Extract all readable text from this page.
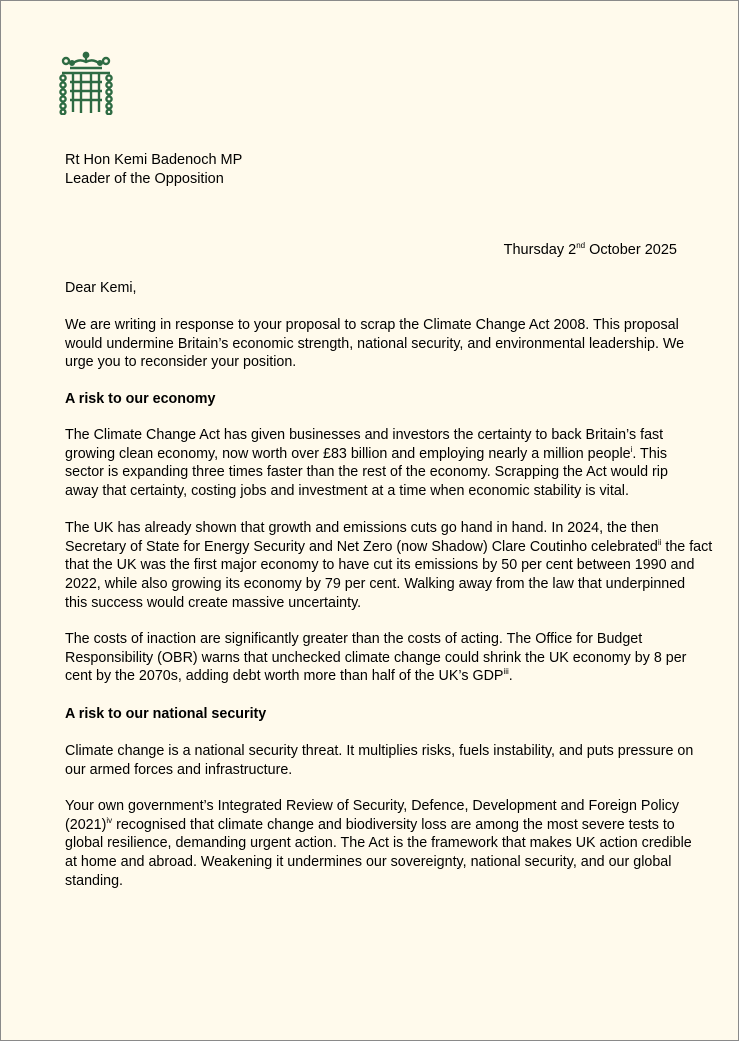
Rt Hon Kemi Badenoch MP
Leader of the Opposition
Thursday 2nd October 2025

Dear Kemi,

We are writing in response to your proposal to scrap the Climate Change Act 2008. This proposal
would undermine Britain’s economic strength, national security, and environmental leadership. We
urge you to reconsider your position.

A risk to our economy

The Climate Change Act has given businesses and investors the certainty to back Britain’s fast
growing clean economy, now worth over £83 billion and employing nearly a million people$^i$. This
sector is expanding three times faster than the rest of the economy. Scrapping the Act would rip
away that certainty, costing jobs and investment at a time when economic stability is vital.

The UK has already shown that growth and emissions cuts go hand in hand. In 2024, the then
Secretary of State for Energy Security and Net Zero (now Shadow) Clare Coutinho celebrated$^{ii}$ the fact
that the UK was the first major economy to have cut its emissions by 50 per cent between 1990 and
2022, while also growing its economy by 79 per cent. Walking away from the law that underpinned
this success would create massive uncertainty.

The costs of inaction are significantly greater than the costs of acting. The Office for Budget
Responsibility (OBR) warns that unchecked climate change could shrink the UK economy by 8 per
cent by the 2070s, adding debt worth more than half of the UK’s GDP$^{iii}$.

A risk to our national security

Climate change is a national security threat. It multiplies risks, fuels instability, and puts pressure on
our armed forces and infrastructure.

Your own government’s Integrated Review of Security, Defence, Development and Foreign Policy
$(2021)^{iv}$ recognised that climate change and biodiversity loss are among the most severe tests to
global resilience, demanding urgent action. The Act is the framework that makes UK action credible
at home and abroad. Weakening it undermines our sovereignty, national security, and our global
standing.
